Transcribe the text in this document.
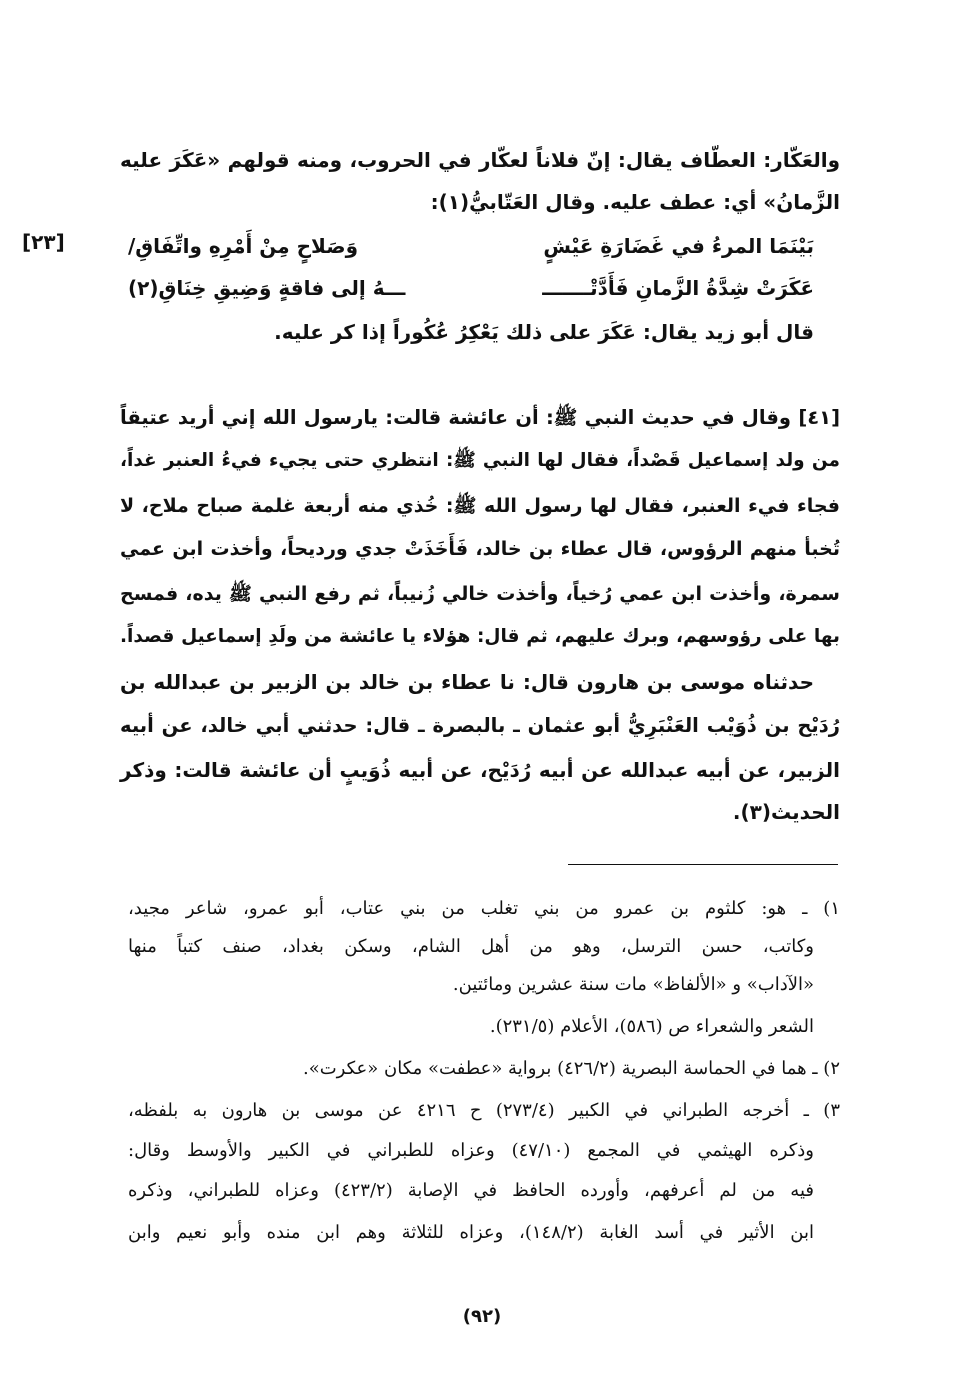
[٢٣]
والعَكّار: العطّاف يقال: إنّ فلاناً لعكّار في الحروب، ومنه قولهم «عَكَرَ عليه
الزَّمانُ» أي: عطف عليه. وقال العَتّابيُّ(١):
بَيْنَمَا المرءُ في غَضَارَةِ عَيْشٍ
وَصَلاحٍ مِنْ أَمْرِهِ واتِّفَاقِ/
عَكَرَتْ شِدَّةُ الزَّمانِ فَأَدَّتْـــــــ
ـــهُ إلى فاقةٍ وَضِيقِ خِنَاقِ(٢)
قال أبو زيد يقال: عَكَرَ على ذلك يَعْكِرُ عُكُوراً إذا كر عليه.
[٤١] وقال في حديث النبي ﷺ: أن عائشة قالت: يارسول الله إني أريد عتيقاً
من ولد إسماعيل قَصْداً، فقال لها النبي ﷺ: انتظري حتى يجيء فيءُ العنبر غداً،
فجاء فيء العنبر، فقال لها رسول الله ﷺ: خُذي منه أربعة غلمة صباح ملاح، لا
تُخبأ منهم الرؤوس، قال عطاء بن خالد، فَأَخَذَتْ جدي ورديحاً، وأخذت ابن عمي
سمرة، وأخذت ابن عمي رُخياً، وأخذت خالي زُنيباً، ثم رفع النبي ﷺ يده، فمسح
بها على رؤوسهم، وبرك عليهم، ثم قال: هؤلاء يا عائشة من ولَدِ إسماعيل قصداً.
حدثناه موسى بن هارون قال: نا عطاء بن خالد بن الزبير بن عبدالله بن
رُدَيْح بن ذُوَيْب العَنْبَرِيُّ أبو عثمان ـ بالبصرة ـ قال: حدثني أبي خالد، عن أبيه
الزبير، عن أبيه عبدالله عن أبيه رُدَيْح، عن أبيه ذُوَيبٍ أن عائشة قالت: وذكر
الحديث(٣).
١) ـ هو: كلثوم بن عمرو من بني تغلب من بني عتاب، أبو عمرو، شاعر مجيد،
وكاتب، حسن الترسل، وهو من أهل الشام، وسكن بغداد، صنف كتباً منها
«الآداب» و «الألفاظ» مات سنة عشرين ومائتين.
الشعر والشعراء ص (٥٨٦)، الأعلام (٢٣١/٥).
٢) ـ هما في الحماسة البصرية (٤٢٦/٢) برواية «عطفت» مكان «عكرت».
٣) ـ أخرجه الطبراني في الكبير (٢٧٣/٤) ح ٤٢١٦ عن موسى بن هارون به بلفظه،
وذكره الهيثمي في المجمع (٤٧/١٠) وعزاه للطبراني في الكبير والأوسط وقال:
فيه من لم أعرفهم، وأورده الحافظ في الإصابة (٤٢٣/٢) وعزاه للطبراني، وذكره
ابن الأثير في أسد الغابة (١٤٨/٢)، وعزاه للثلاثة وهم ابن منده وأبو نعيم وابن
(٩٢)
